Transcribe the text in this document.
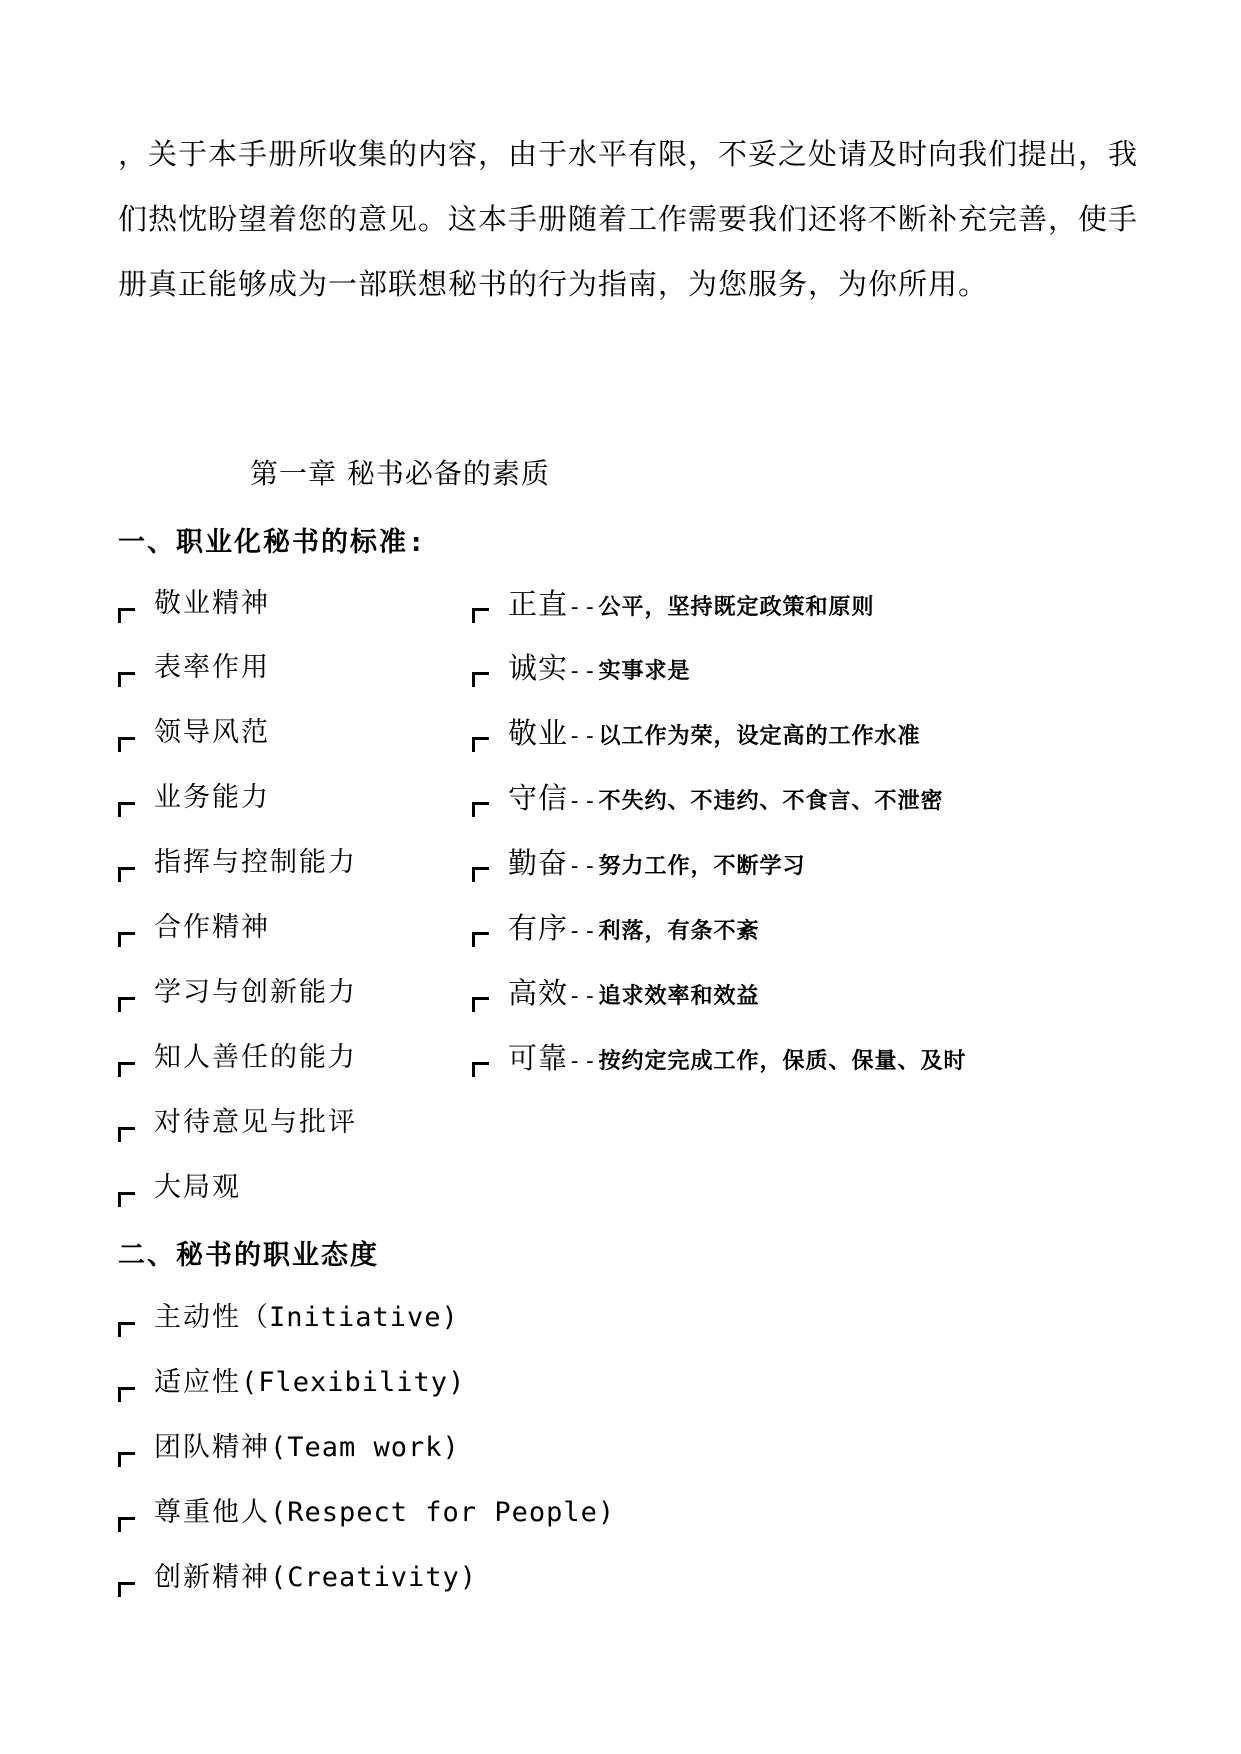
，关于本手册所收集的内容，由于水平有限，不妥之处请及时向我们提出，我
们热忱盼望着您的意见。这本手册随着工作需要我们还将不断补充完善，使手
册真正能够成为一部联想秘书的行为指南，为您服务，为你所用。
第一章 秘书必备的素质
一、职业化秘书的标准:
敬业精神
表率作用
领导风范
业务能力
指挥与控制能力
合作精神
学习与创新能力
知人善任的能力
对待意见与批评
大局观
正直--公平，坚持既定政策和原则
诚实--实事求是
敬业--以工作为荣，设定高的工作水准
守信--不失约、不违约、不食言、不泄密
勤奋--努力工作，不断学习
有序--利落，有条不紊
高效--追求效率和效益
可靠--按约定完成工作，保质、保量、及时
二、秘书的职业态度
主动性（Initiative)
适应性(Flexibility)
团队精神(Team work)
尊重他人(Respect for People)
创新精神(Creativity)
